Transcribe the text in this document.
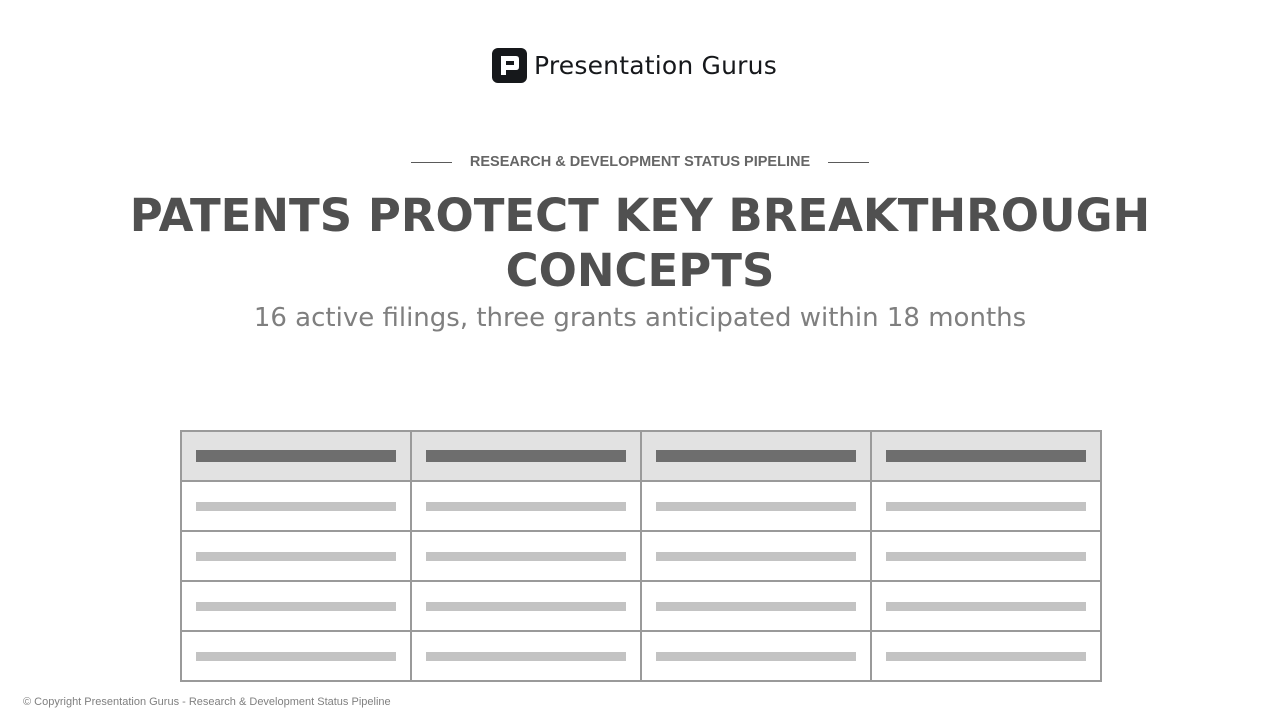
Presentation Gurus
RESEARCH & DEVELOPMENT STATUS PIPELINE
PATENTS PROTECT KEY BREAKTHROUGH
CONCEPTS

16 active filings, three grants anticipated within 18 months

© Copyright Presentation Gurus - Research & Development Status Pipeline
